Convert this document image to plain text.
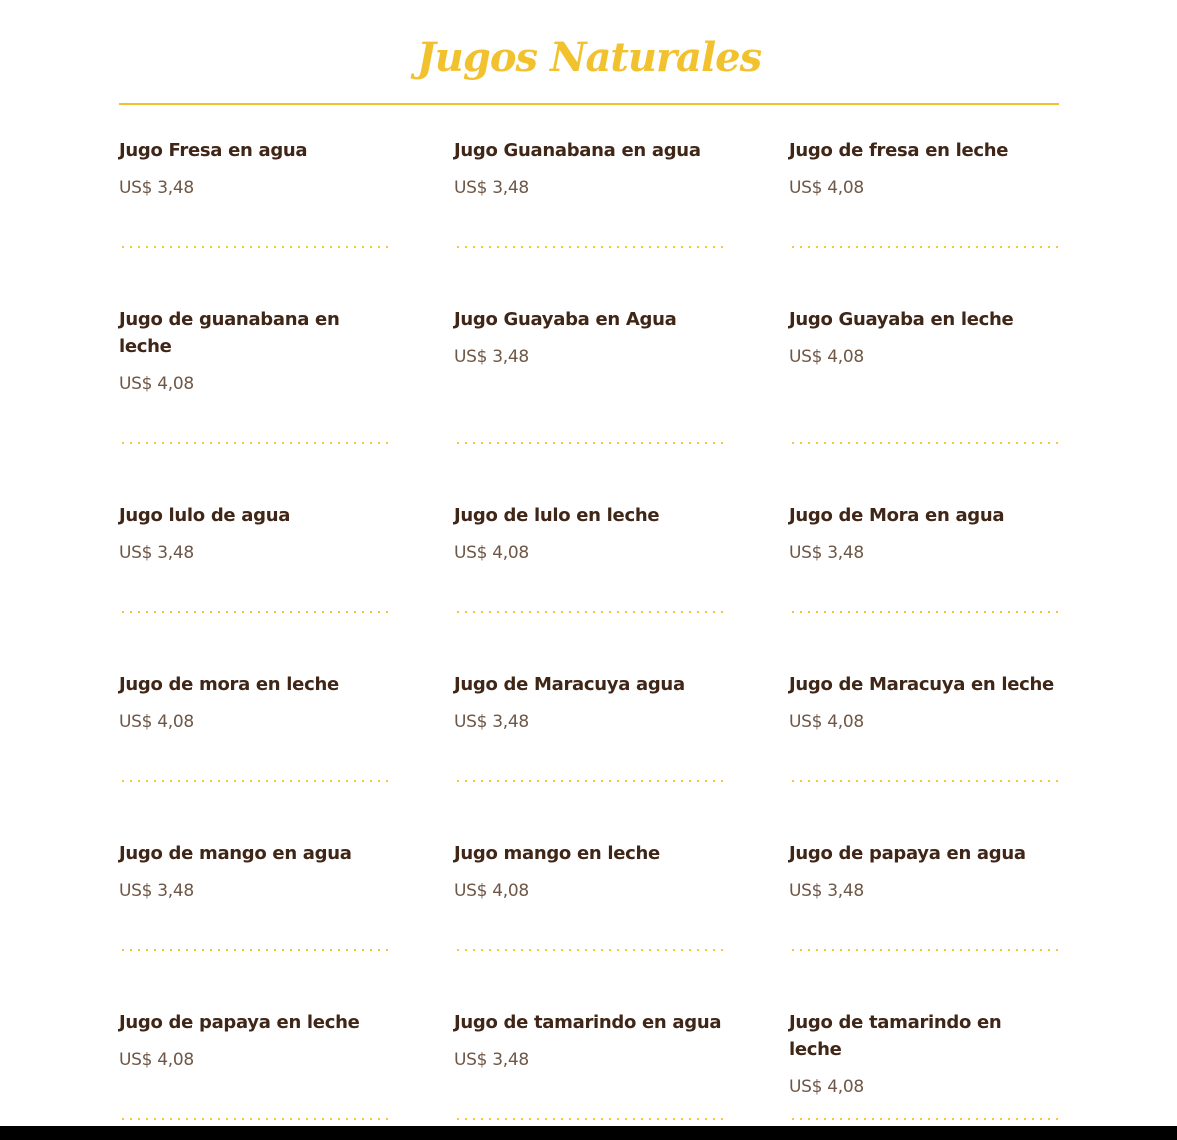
Jugos Naturales
Jugo Fresa en agua

US$ 3,48

Jugo Guanabana en agua

US$ 3,48

Jugo de fresa en leche

US$ 4,08

Jugo de guanabana en leche

US$ 4,08

Jugo Guayaba en Agua

US$ 3,48

Jugo Guayaba en leche

US$ 4,08

Jugo lulo de agua

US$ 3,48

Jugo de lulo en leche

US$ 4,08

Jugo de Mora en agua

US$ 3,48

Jugo de mora en leche

US$ 4,08

Jugo de Maracuya agua

US$ 3,48

Jugo de Maracuya en leche

US$ 4,08

Jugo de mango en agua

US$ 3,48

Jugo mango en leche

US$ 4,08

Jugo de papaya en agua

US$ 3,48

Jugo de papaya en leche

US$ 4,08

Jugo de tamarindo en agua

US$ 3,48

Jugo de tamarindo en leche

US$ 4,08
